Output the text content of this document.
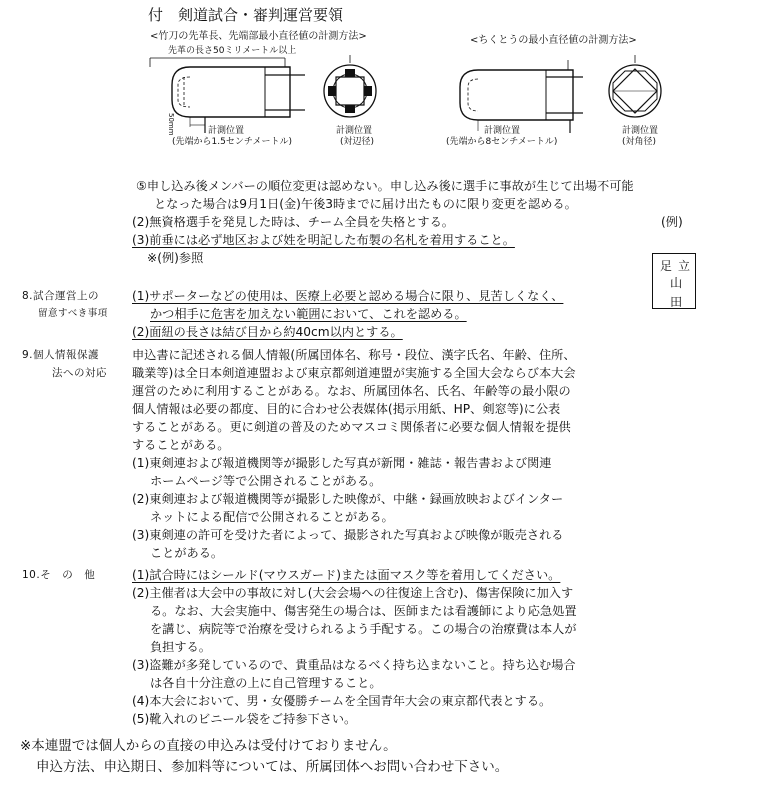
付　剣道試合・審判運営要領
<竹刀の先革長、先端部最小直径値の計測方法>
先革の長さ50ミリメートル以上
<ちくとうの最小直径値の計測方法>
50mm	計測位置
(先端から1.5センチメートル)
計測位置
(対辺径)
計測位置
(先端から8センチメートル)
計測位置
(対角径)
⑤申し込み後メンバーの順位変更は認めない。申し込み後に選手に事故が生じて出場不可能
となった場合は9月1日(金)午後3時までに届け出たものに限り変更を認める。
(2)無資格選手を発見した時は、チーム全員を失格とする。
(3)前垂には必ず地区および姓を明記した布製の名札を着用すること。
※(例)参照
(例)
立
足
山
田
8.試合運営上の
留意すべき事項
(1)サポーターなどの使用は、医療上必要と認める場合に限り、見苦しくなく、
かつ相手に危害を加えない範囲において、これを認める。
(2)面紐の長さは結び目から約40cm以内とする。
9.個人情報保護
法への対応
申込書に記述される個人情報(所属団体名、称号・段位、漢字氏名、年齢、住所、
職業等)は全日本剣道連盟および東京都剣道連盟が実施する全国大会ならび本大会
運営のために利用することがある。なお、所属団体名、氏名、年齢等の最小限の
個人情報は必要の都度、目的に合わせ公表媒体(掲示用紙、HP、剣窓等)に公表
することがある。更に剣道の普及のためマスコミ関係者に必要な個人情報を提供
することがある。
(1)東剣連および報道機関等が撮影した写真が新聞・雑誌・報告書および関連
ホームページ等で公開されることがある。
(2)東剣連および報道機関等が撮影した映像が、中継・録画放映およびインター
ネットによる配信で公開されることがある。
(3)東剣連の許可を受けた者によって、撮影された写真および映像が販売される
ことがある。
10.そ　の　他	(1)試合時にはシールド(マウスガード)または面マスク等を着用してください。
(2)主催者は大会中の事故に対し(大会会場への往復途上含む)、傷害保険に加入す
る。なお、大会実施中、傷害発生の場合は、医師または看護師により応急処置
を講じ、病院等で治療を受けられるよう手配する。この場合の治療費は本人が
負担する。
(3)盗難が多発しているので、貴重品はなるべく持ち込まないこと。持ち込む場合
は各自十分注意の上に自己管理すること。
(4)本大会において、男・女優勝チームを全国青年大会の東京都代表とする。
(5)靴入れのビニール袋をご持参下さい。
※本連盟では個人からの直接の申込みは受付けておりません。
申込方法、申込期日、参加料等については、所属団体へお問い合わせ下さい。
